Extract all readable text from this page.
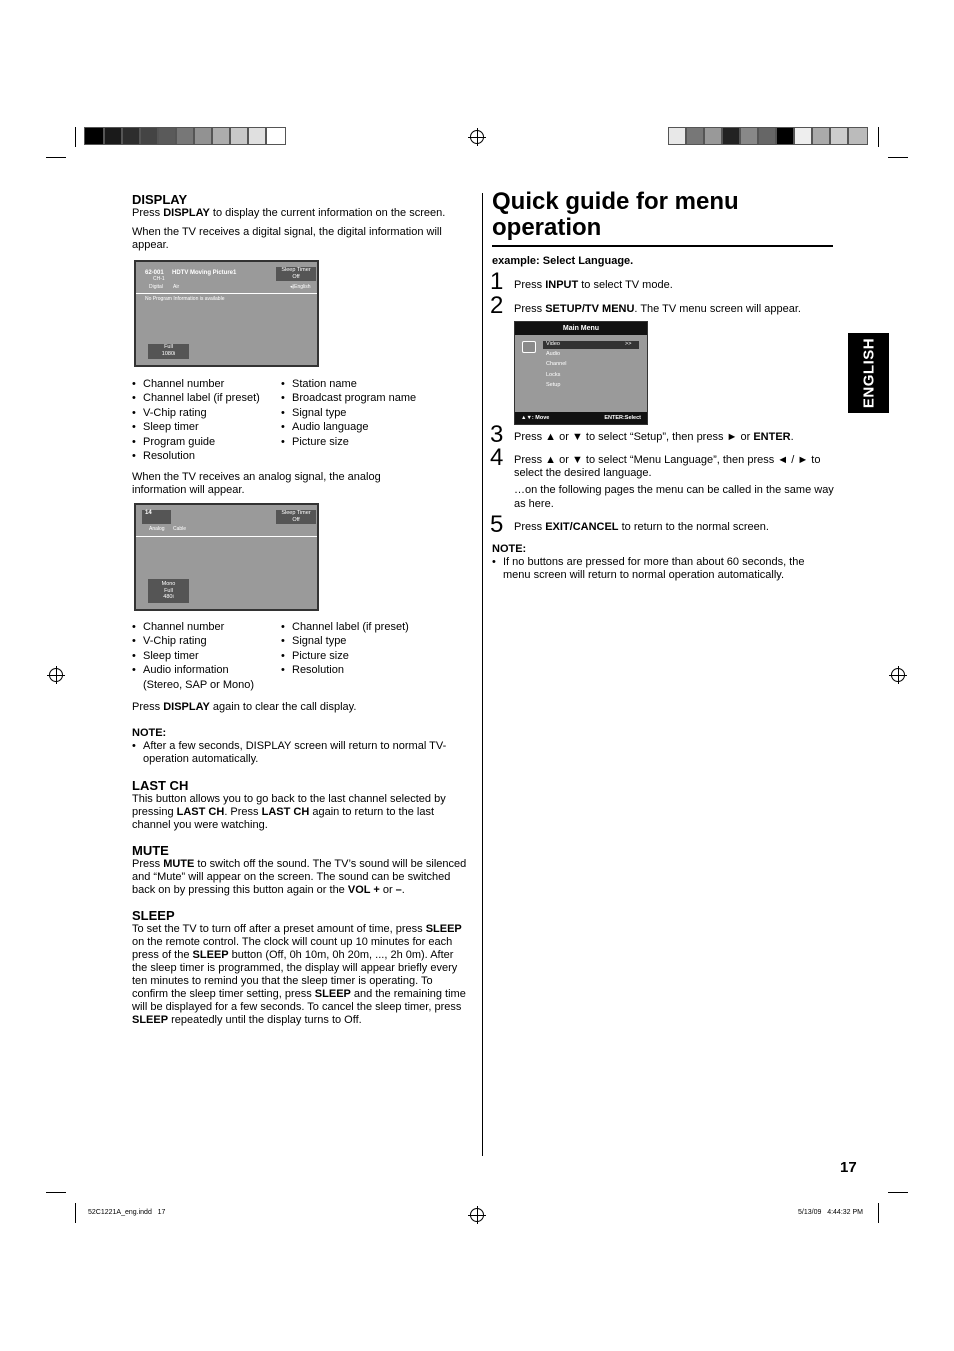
DISPLAY
Press DISPLAY to display the current information on the screen.
When the TV receives a digital signal, the digital information will appear.
62-001
CH-1
HDTV Moving Picture1
Digital Air
Sleep Timer
Off
◂)English
No Program Information is available
Full
1080i
• Channel number
• Channel label (if preset)
• V-Chip rating
• Sleep timer
• Program guide
• Resolution
• Station name
• Broadcast program name
• Signal type
• Audio language
• Picture size
When the TV receives an analog signal, the analog information will appear.
14
Analog Cable
Sleep Timer
Off
Mono
Full
480i
• Channel number
• V-Chip rating
• Sleep timer
• Audio information
(Stereo, SAP or Mono)
• Channel label (if preset)
• Signal type
• Picture size
• Resolution
Press DISPLAY again to clear the call display.
NOTE:
• After a few seconds, DISPLAY screen will return to normal TV-operation automatically.
LAST CH
This button allows you to go back to the last channel selected by pressing LAST CH. Press LAST CH again to return to the last channel you were watching.
MUTE
Press MUTE to switch off the sound. The TV’s sound will be silenced and “Mute” will appear on the screen. The sound can be switched back on by pressing this button again or the VOL + or –.
SLEEP
To set the TV to turn off after a preset amount of time, press SLEEP on the remote control. The clock will count up 10 minutes for each press of the SLEEP button (Off, 0h 10m, 0h 20m, ..., 2h 0m). After the sleep timer is programmed, the display will appear briefly every ten minutes to remind you that the sleep timer is operating. To confirm the sleep timer setting, press SLEEP and the remaining time will be displayed for a few seconds. To cancel the sleep timer, press SLEEP repeatedly until the display turns to Off.
Quick guide for menu
operation
example: Select Language.
1 Press INPUT to select TV mode.
2 Press SETUP/TV MENU. The TV menu screen will appear.
Main Menu
Video	>>
Audio
Channel
Locks
Setup
▲▼: Move	ENTER:Select
3 Press ▲ or ▼ to select “Setup”, then press ► or ENTER.
4 Press ▲ or ▼ to select “Menu Language”, then press ◄ / ► to select the desired language.
…on the following pages the menu can be called in the same way as here.
5 Press EXIT/CANCEL to return to the normal screen.
NOTE:
• If no buttons are pressed for more than about 60 seconds, the menu screen will return to normal operation automatically.
ENGLISH
17
52C1221A_eng.indd   17	5/13/09   4:44:32 PM
